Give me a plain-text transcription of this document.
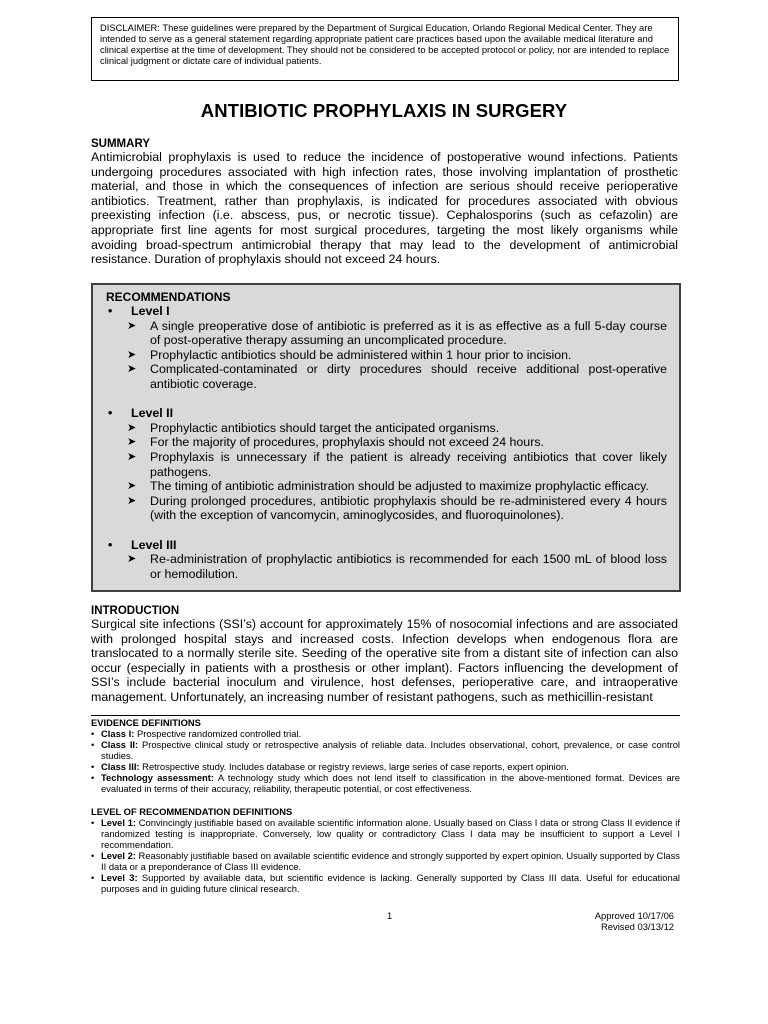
DISCLAIMER: These guidelines were prepared by the Department of Surgical Education, Orlando Regional Medical Center. They are intended to serve as a general statement regarding appropriate patient care practices based upon the available medical literature and clinical expertise at the time of development. They should not be considered to be accepted protocol or policy, nor are intended to replace clinical judgment or dictate care of individual patients.

ANTIBIOTIC PROPHYLAXIS IN SURGERY

SUMMARY

Antimicrobial prophylaxis is used to reduce the incidence of postoperative wound infections. Patients undergoing procedures associated with high infection rates, those involving implantation of prosthetic material, and those in which the consequences of infection are serious should receive perioperative antibiotics. Treatment, rather than prophylaxis, is indicated for procedures associated with obvious preexisting infection (i.e. abscess, pus, or necrotic tissue). Cephalosporins (such as cefazolin) are appropriate first line agents for most surgical procedures, targeting the most likely organisms while avoiding broad-spectrum antimicrobial therapy that may lead to the development of antimicrobial resistance. Duration of prophylaxis should not exceed 24 hours.

RECOMMENDATIONS

•	Level I
➤	A single preoperative dose of antibiotic is preferred as it is as effective as a full 5-day course of post-operative therapy assuming an uncomplicated procedure.
➤	Prophylactic antibiotics should be administered within 1 hour prior to incision.
➤	Complicated-contaminated or dirty procedures should receive additional post-operative antibiotic coverage.
•	Level II
➤	Prophylactic antibiotics should target the anticipated organisms.
➤	For the majority of procedures, prophylaxis should not exceed 24 hours.
➤	Prophylaxis is unnecessary if the patient is already receiving antibiotics that cover likely pathogens.
➤	The timing of antibiotic administration should be adjusted to maximize prophylactic efficacy.
➤	During prolonged procedures, antibiotic prophylaxis should be re-administered every 4 hours (with the exception of vancomycin, aminoglycosides, and fluoroquinolones).
•	Level III
➤	Re-administration of prophylactic antibiotics is recommended for each 1500 mL of blood loss or hemodilution.

INTRODUCTION

Surgical site infections (SSI’s) account for approximately 15% of nosocomial infections and are associated with prolonged hospital stays and increased costs. Infection develops when endogenous flora are translocated to a normally sterile site. Seeding of the operative site from a distant site of infection can also occur (especially in patients with a prosthesis or other implant). Factors influencing the development of SSI’s include bacterial inoculum and virulence, host defenses, perioperative care, and intraoperative management. Unfortunately, an increasing number of resistant pathogens, such as methicillin-resistant

EVIDENCE DEFINITIONS

• Class I: Prospective randomized controlled trial.
• Class II: Prospective clinical study or retrospective analysis of reliable data. Includes observational, cohort, prevalence, or case control studies.
• Class III: Retrospective study. Includes database or registry reviews, large series of case reports, expert opinion.
• Technology assessment: A technology study which does not lend itself to classification in the above-mentioned format. Devices are evaluated in terms of their accuracy, reliability, therapeutic potential, or cost effectiveness.

LEVEL OF RECOMMENDATION DEFINITIONS

• Level 1: Convincingly justifiable based on available scientific information alone. Usually based on Class I data or strong Class II evidence if randomized testing is inappropriate. Conversely, low quality or contradictory Class I data may be insufficient to support a Level I recommendation.
• Level 2: Reasonably justifiable based on available scientific evidence and strongly supported by expert opinion. Usually supported by Class II data or a preponderance of Class III evidence.
• Level 3: Supported by available data, but scientific evidence is lacking. Generally supported by Class III data. Useful for educational purposes and in guiding future clinical research.
1	Approved 10/17/06
Revised 03/13/12
